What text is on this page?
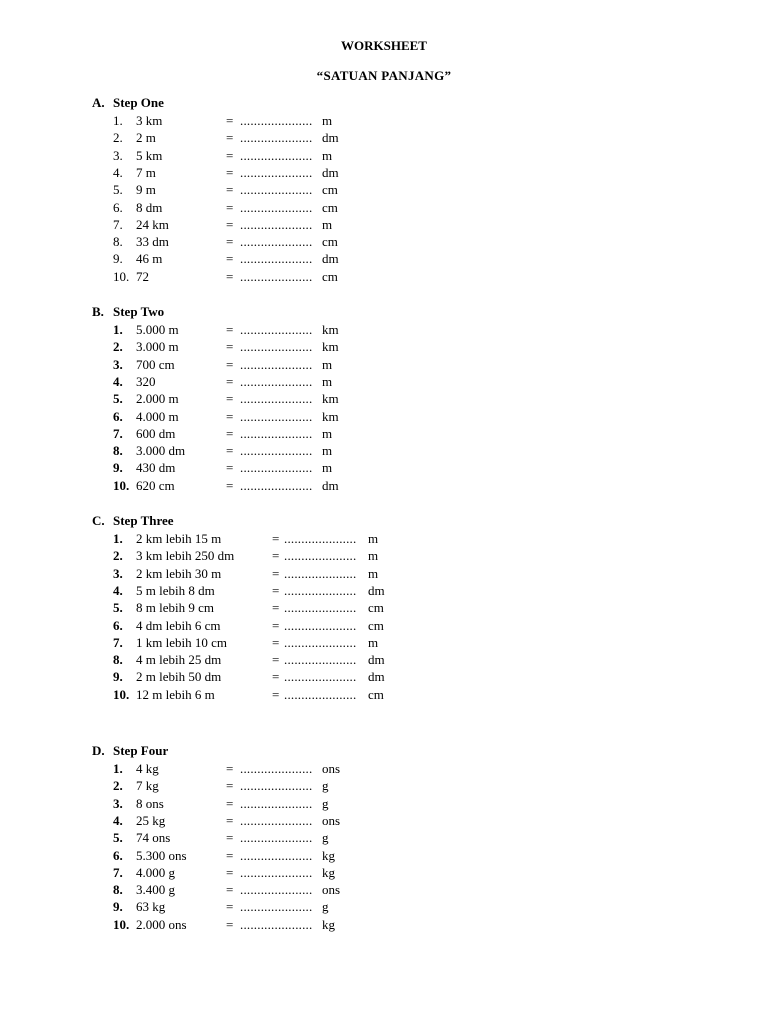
WORKSHEET
“SATUAN PANJANG”
A. Step One
1. 3 km	= ..................... m
2. 2 m	= ..................... dm
3. 5 km	= ..................... m
4. 7 m	= ..................... dm
5. 9 m	= ..................... cm
6. 8 dm	= ..................... cm
7. 24 km	= ..................... m
8. 33 dm	= ..................... cm
9. 46 m	= ..................... dm
10. 72	= ..................... cm
B. Step Two
1. 5.000 m	= ..................... km
2. 3.000 m	= ..................... km
3. 700 cm	= ..................... m
4. 320	= ..................... m
5. 2.000 m	= ..................... km
6. 4.000 m	= ..................... km
7. 600 dm	= ..................... m
8. 3.000 dm	= ..................... m
9. 430 dm	= ..................... m
10. 620 cm	= ..................... dm
C. Step Three
1. 2 km lebih 15 m	= ..................... m
2. 3 km lebih 250 dm	= ..................... m
3. 2 km lebih 30 m	= ..................... m
4. 5 m lebih 8 dm	= ..................... dm
5. 8 m lebih 9 cm	= ..................... cm
6. 4 dm lebih 6 cm	= ..................... cm
7. 1 km lebih 10 cm	= ..................... m
8. 4 m lebih 25 dm	= ..................... dm
9. 2 m lebih 50 dm	= ..................... dm
10. 12 m lebih 6 m	= ..................... cm
D. Step Four
1. 4 kg	= ..................... ons
2. 7 kg	= ..................... g
3. 8 ons	= ..................... g
4. 25 kg	= ..................... ons
5. 74 ons	= ..................... g
6. 5.300 ons	= ..................... kg
7. 4.000 g	= ..................... kg
8. 3.400 g	= ..................... ons
9. 63 kg	= ..................... g
10. 2.000 ons	= ..................... kg
